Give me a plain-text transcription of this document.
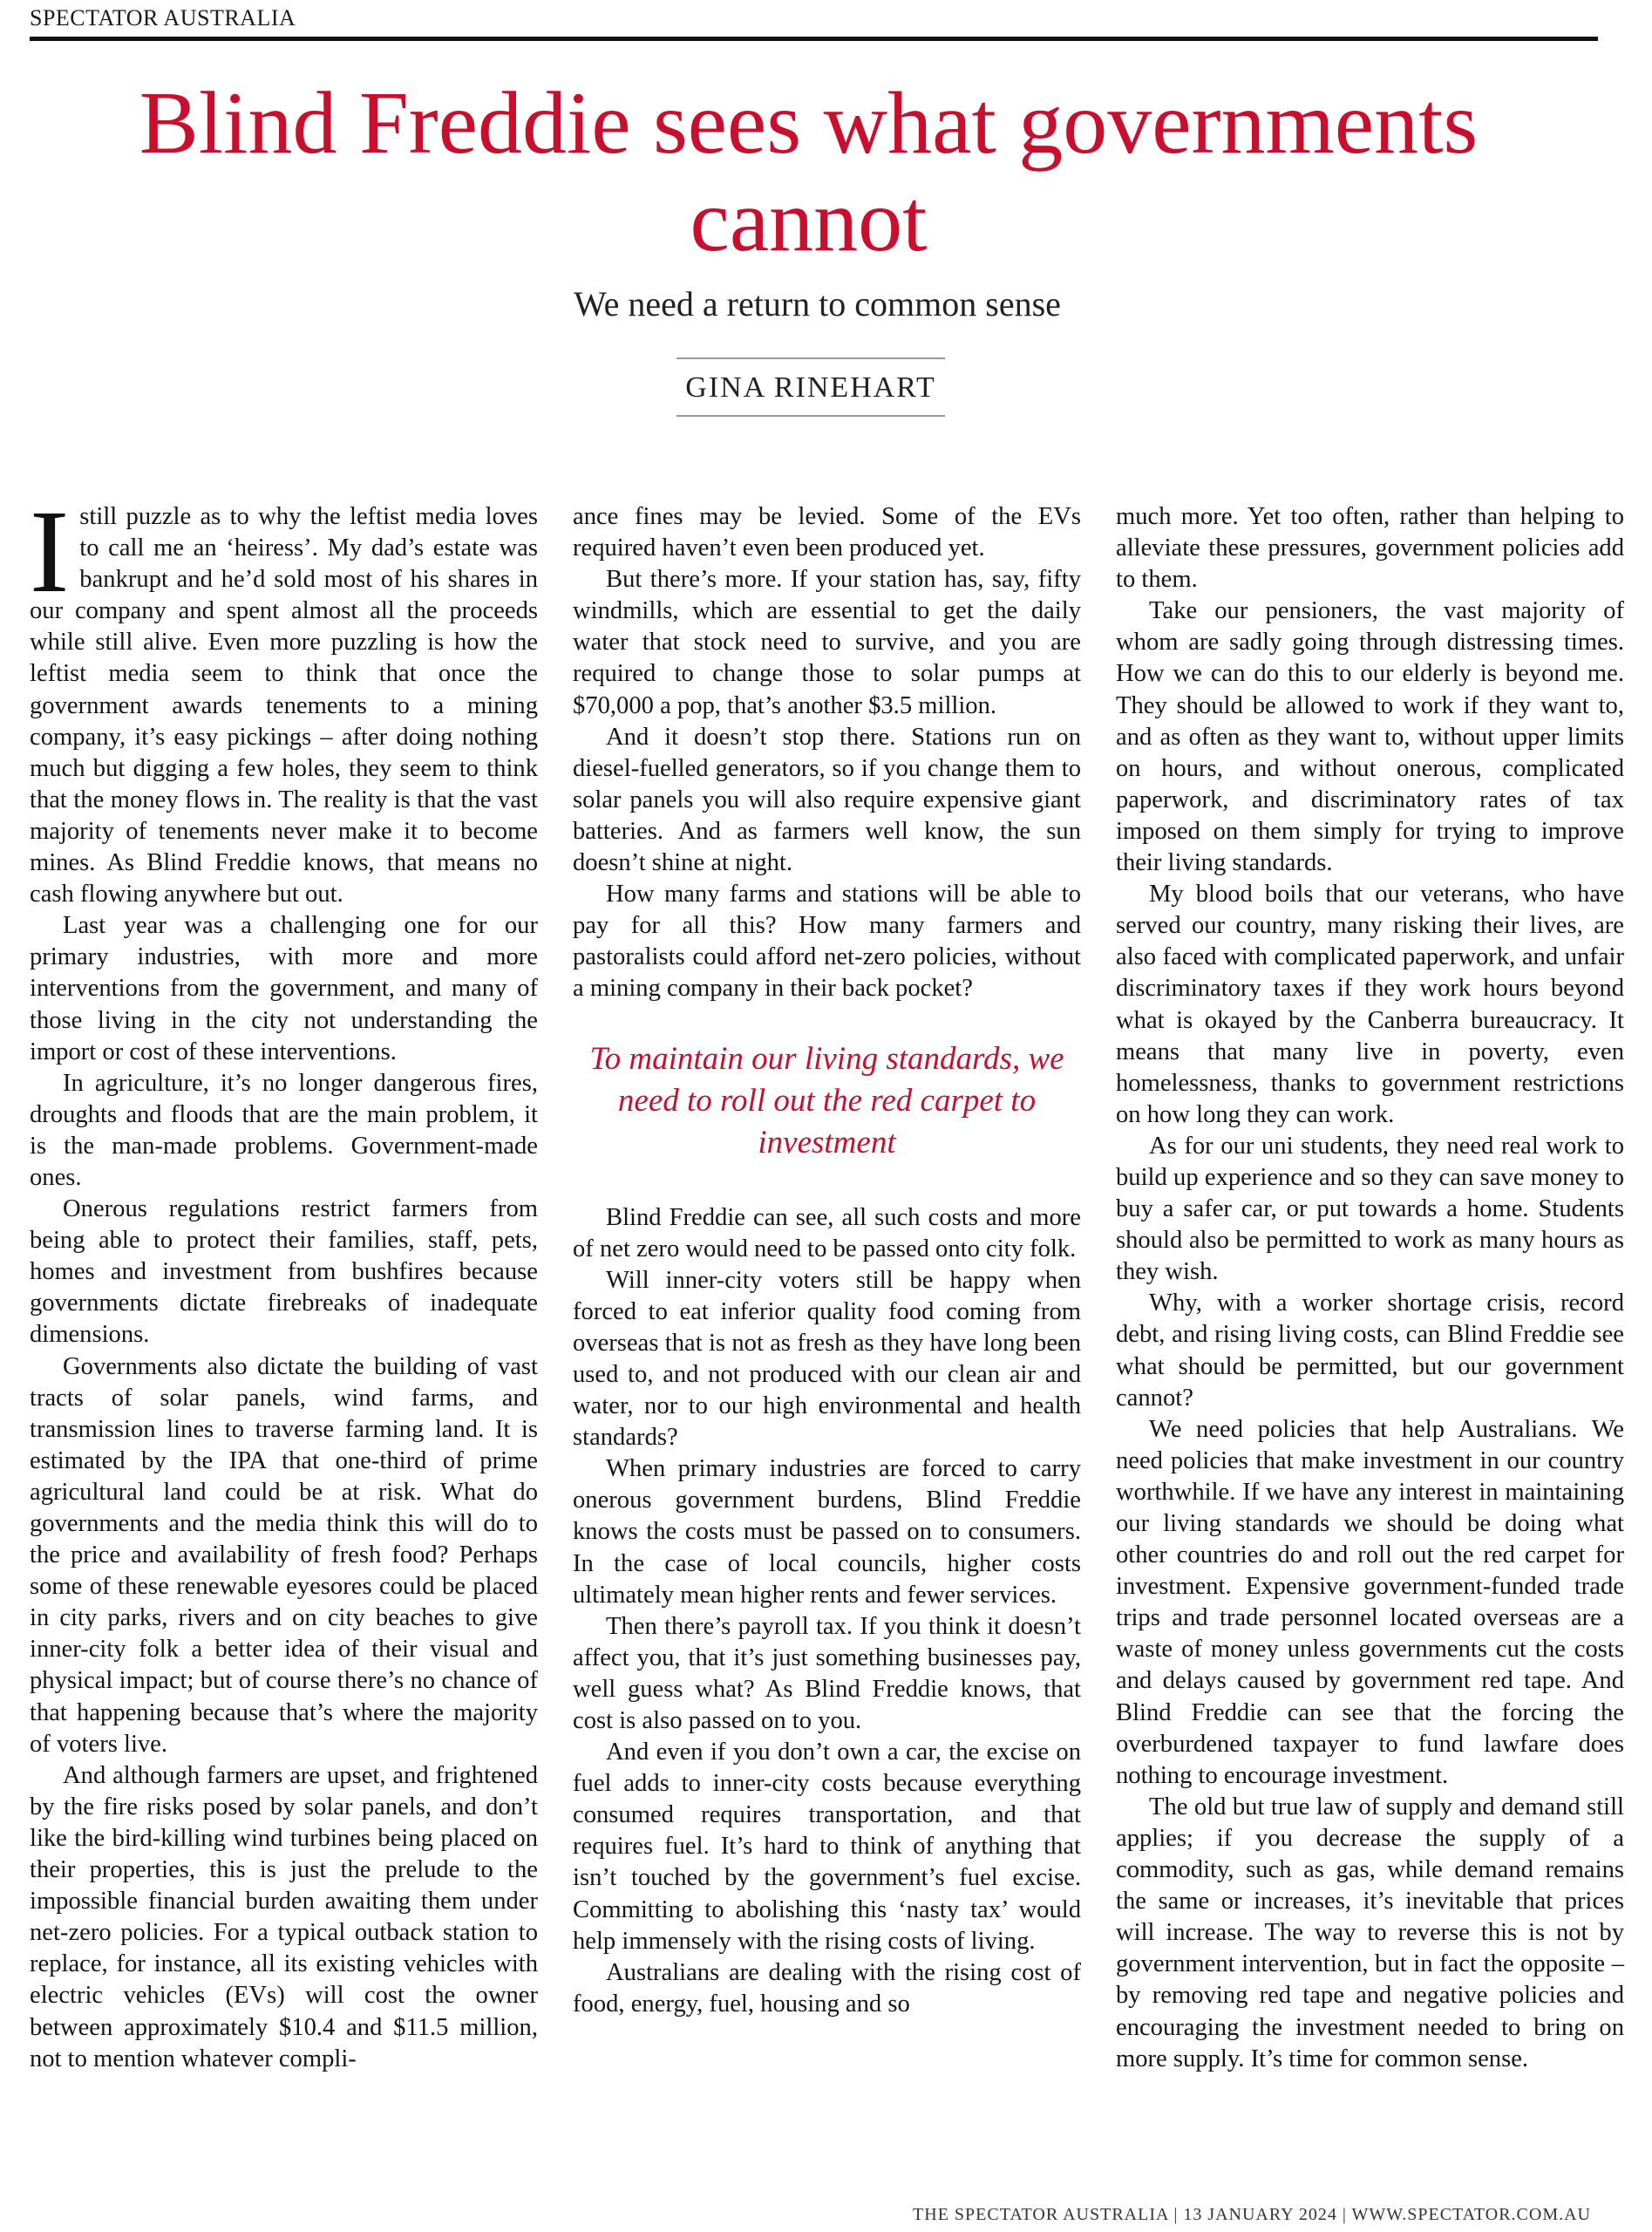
SPECTATOR AUSTRALIA
Blind Freddie sees what governments cannot
We need a return to common sense
GINA RINEHART

I still puzzle as to why the leftist media loves to call me an ‘heiress’. My dad’s estate was bankrupt and he’d sold most of his shares in our company and spent almost all the proceeds while still alive. Even more puzzling is how the leftist media seem to think that once the government awards tenements to a mining company, it’s easy pickings – after doing nothing much but digging a few holes, they seem to think that the money flows in. The reality is that the vast majority of tenements never make it to become mines. As Blind Freddie knows, that means no cash flowing anywhere but out.

Last year was a challenging one for our primary industries, with more and more interventions from the government, and many of those living in the city not understanding the import or cost of these interventions.

In agriculture, it’s no longer dangerous fires, droughts and floods that are the main problem, it is the man-made problems. Government-made ones.

Onerous regulations restrict farmers from being able to protect their families, staff, pets, homes and investment from bushfires because governments dictate firebreaks of inadequate dimensions.

Governments also dictate the building of vast tracts of solar panels, wind farms, and transmission lines to traverse farming land. It is estimated by the IPA that one-third of prime agricultural land could be at risk. What do governments and the media think this will do to the price and availability of fresh food? Perhaps some of these renewable eyesores could be placed in city parks, rivers and on city beaches to give inner-city folk a better idea of their visual and physical impact; but of course there’s no chance of that happening because that’s where the majority of voters live.

And although farmers are upset, and frightened by the fire risks posed by solar panels, and don’t like the bird-killing wind turbines being placed on their properties, this is just the prelude to the impossible financial burden awaiting them under net-zero policies. For a typical outback station to replace, for instance, all its existing vehicles with electric vehicles (EVs) will cost the owner between approximately $10.4 and $11.5 million, not to mention whatever compli-

ance fines may be levied. Some of the EVs required haven’t even been produced yet.

But there’s more. If your station has, say, fifty windmills, which are essential to get the daily water that stock need to survive, and you are required to change those to solar pumps at $70,000 a pop, that’s another $3.5 million.

And it doesn’t stop there. Stations run on diesel-fuelled generators, so if you change them to solar panels you will also require expensive giant batteries. And as farmers well know, the sun doesn’t shine at night.

How many farms and stations will be able to pay for all this? How many farmers and pastoralists could afford net-zero policies, without a mining company in their back pocket?

To maintain our living standards, we need to roll out the red carpet to investment

Blind Freddie can see, all such costs and more of net zero would need to be passed onto city folk.

Will inner-city voters still be happy when forced to eat inferior quality food coming from overseas that is not as fresh as they have long been used to, and not produced with our clean air and water, nor to our high environmental and health standards?

When primary industries are forced to carry onerous government burdens, Blind Freddie knows the costs must be passed on to consumers. In the case of local councils, higher costs ultimately mean higher rents and fewer services.

Then there’s payroll tax. If you think it doesn’t affect you, that it’s just something businesses pay, well guess what? As Blind Freddie knows, that cost is also passed on to you.

And even if you don’t own a car, the excise on fuel adds to inner-city costs because everything consumed requires transportation, and that requires fuel. It’s hard to think of anything that isn’t touched by the government’s fuel excise. Committing to abolishing this ‘nasty tax’ would help immensely with the rising costs of living.

Australians are dealing with the rising cost of food, energy, fuel, housing and so

much more. Yet too often, rather than helping to alleviate these pressures, government policies add to them.

Take our pensioners, the vast majority of whom are sadly going through distressing times. How we can do this to our elderly is beyond me. They should be allowed to work if they want to, and as often as they want to, without upper limits on hours, and without onerous, complicated paperwork, and discriminatory rates of tax imposed on them simply for trying to improve their living standards.

My blood boils that our veterans, who have served our country, many risking their lives, are also faced with complicated paperwork, and unfair discriminatory taxes if they work hours beyond what is okayed by the Canberra bureaucracy. It means that many live in poverty, even homelessness, thanks to government restrictions on how long they can work.

As for our uni students, they need real work to build up experience and so they can save money to buy a safer car, or put towards a home. Students should also be permitted to work as many hours as they wish.

Why, with a worker shortage crisis, record debt, and rising living costs, can Blind Freddie see what should be permitted, but our government cannot?

We need policies that help Australians. We need policies that make investment in our country worthwhile. If we have any interest in maintaining our living standards we should be doing what other countries do and roll out the red carpet for investment. Expensive government-funded trade trips and trade personnel located overseas are a waste of money unless governments cut the costs and delays caused by government red tape. And Blind Freddie can see that the forcing the overburdened taxpayer to fund lawfare does nothing to encourage investment.

The old but true law of supply and demand still applies; if you decrease the supply of a commodity, such as gas, while demand remains the same or increases, it’s inevitable that prices will increase. The way to reverse this is not by government intervention, but in fact the opposite – by removing red tape and negative policies and encouraging the investment needed to bring on more supply. It’s time for common sense.

THE SPECTATOR AUSTRALIA | 13 JANUARY 2024 | WWW.SPECTATOR.COM.AU
